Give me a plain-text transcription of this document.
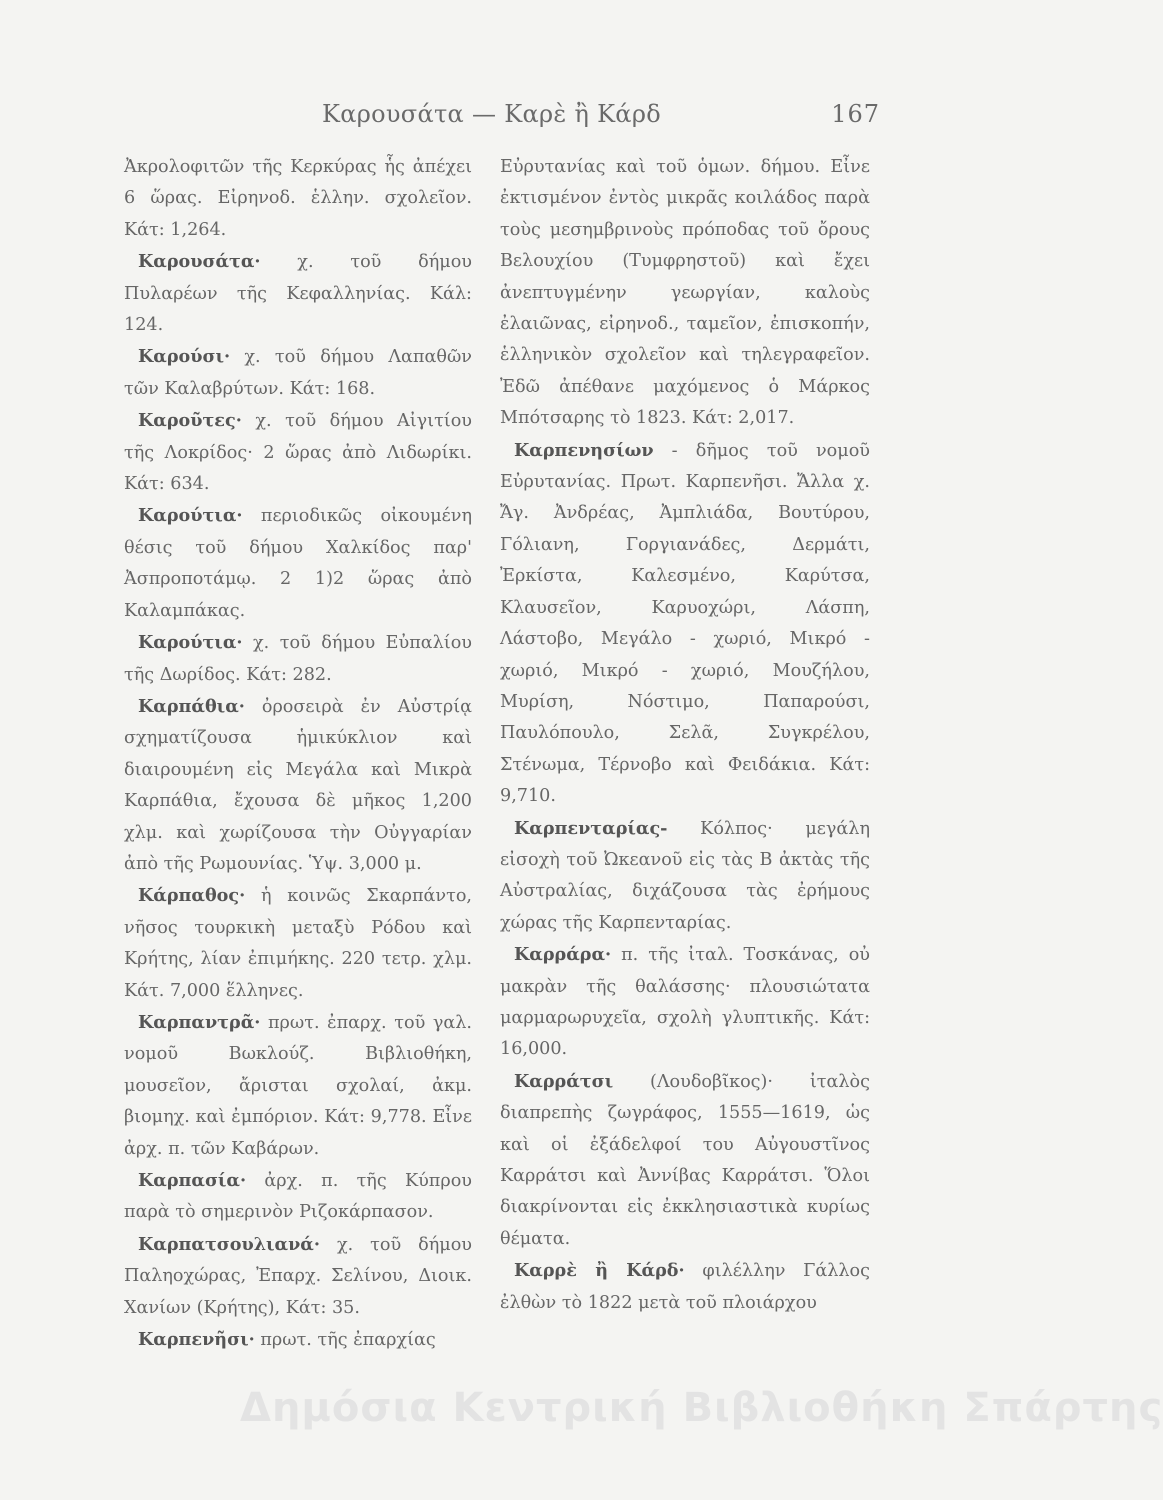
Καρουσάτα — Καρὲ ἢ Κάρδ	167

Ἀκρολοφιτῶν τῆς Κερκύρας ἧς ἀπέχει 6 ὥρας. Εἰρηνοδ. ἑλλην. σχολεῖον. Κάτ: 1,264.

Καρουσάτα· χ. τοῦ δήμου Πυλαρέων τῆς Κεφαλληνίας. Κάλ: 124.

Καρούσι· χ. τοῦ δήμου Λαπαθῶν τῶν Καλαβρύτων. Κάτ: 168.

Καροῦτες· χ. τοῦ δήμου Αἰγιτίου τῆς Λοκρίδος· 2 ὥρας ἀπὸ Λιδωρίκι. Κάτ: 634.

Καρούτια· περιοδικῶς οἰκουμένη θέσις τοῦ δήμου Χαλκίδος παρ' Ἀσπροποτάμῳ. 2 1)2 ὥρας ἀπὸ Καλαμπάκας.

Καρούτια· χ. τοῦ δήμου Εὐπαλίου τῆς Δωρίδος. Κάτ: 282.

Καρπάθια· ὀροσειρὰ ἐν Αὐστρίᾳ σχηματίζουσα ἡμικύκλιον καὶ διαιρουμένη εἰς Μεγάλα καὶ Μικρὰ Καρπάθια, ἔχουσα δὲ μῆκος 1,200 χλμ. καὶ χωρίζουσα τὴν Οὐγγαρίαν ἀπὸ τῆς Ρωμουνίας. Ὑψ. 3,000 μ.

Κάρπαθος· ἡ κοινῶς Σκαρπάντο, νῆσος τουρκικὴ μεταξὺ Ρόδου καὶ Κρήτης, λίαν ἐπιμήκης. 220 τετρ. χλμ. Κάτ. 7,000 ἕλληνες.

Καρπαντρᾶ· πρωτ. ἐπαρχ. τοῦ γαλ. νομοῦ Βωκλούζ. Βιβλιοθήκη, μουσεῖον, ἄρισται σχολαί, ἀκμ. βιομηχ. καὶ ἐμπόριον. Κάτ: 9,778. Εἶνε ἀρχ. π. τῶν Καβάρων.

Καρπασία· ἀρχ. π. τῆς Κύπρου παρὰ τὸ σημερινὸν Ριζοκάρπασον.

Καρπατσουλιανά· χ. τοῦ δήμου Παληοχώρας, Ἐπαρχ. Σελίνου, Διοικ. Χανίων (Κρήτης), Κάτ: 35.

Καρπενῆσι· πρωτ. τῆς ἐπαρχίας

Εὐρυτανίας καὶ τοῦ ὁμων. δήμου. Εἶνε ἐκτισμένον ἐντὸς μικρᾶς κοιλάδος παρὰ τοὺς μεσημβρινοὺς πρόποδας τοῦ ὄρους Βελουχίου (Τυμφρηστοῦ) καὶ ἔχει ἀνεπτυγμένην γεωργίαν, καλοὺς ἐλαιῶνας, εἰρηνοδ., ταμεῖον, ἐπισκοπήν, ἑλληνικὸν σχολεῖον καὶ τηλεγραφεῖον. Ἐδῶ ἀπέθανε μαχόμενος ὁ Μάρκος Μπότσαρης τὸ 1823. Κάτ: 2,017.

Καρπενησίων - δῆμος τοῦ νομοῦ Εὐρυτανίας. Πρωτ. Καρπενῆσι. Ἄλλα χ. Ἄγ. Ἀνδρέας, Ἀμπλιάδα, Βουτύρου, Γόλιανη, Γοργιανάδες, Δερμάτι, Ἐρκίστα, Καλεσμένο, Καρύτσα, Κλαυσεῖον, Καρυοχώρι, Λάσπη, Λάστοβο, Μεγάλο - χωριό, Μικρό - χωριό, Μικρό - χωριό, Μουζήλου, Μυρίση, Νόστιμο, Παπαρούσι, Παυλόπουλο, Σελᾶ, Συγκρέλου, Στένωμα, Τέρνοβο καὶ Φειδάκια. Κάτ: 9,710.

Καρπενταρίας- Κόλπος· μεγάλη εἰσοχὴ τοῦ Ὠκεανοῦ εἰς τὰς Β ἀκτὰς τῆς Αὐστραλίας, διχάζουσα τὰς ἐρήμους χώρας τῆς Καρπενταρίας.

Καρράρα· π. τῆς ἰταλ. Τοσκάνας, οὐ μακρὰν τῆς θαλάσσης· πλουσιώτατα μαρμαρωρυχεῖα, σχολὴ γλυπτικῆς. Κάτ: 16,000.

Καρράτσι (Λουδοβῖκος)· ἰταλὸς διαπρεπὴς ζωγράφος, 1555—1619, ὡς καὶ οἱ ἐξάδελφοί του Αὐγουστῖνος Καρράτσι καὶ Ἀννίβας Καρράτσι. Ὅλοι διακρίνονται εἰς ἐκκλησιαστικὰ κυρίως θέματα.

Καρρὲ ἢ Κάρδ· φιλέλλην Γάλλος ἐλθὼν τὸ 1822 μετὰ τοῦ πλοιάρχου

Δημόσια Κεντρική Βιβλιοθήκη Σπάρτης
